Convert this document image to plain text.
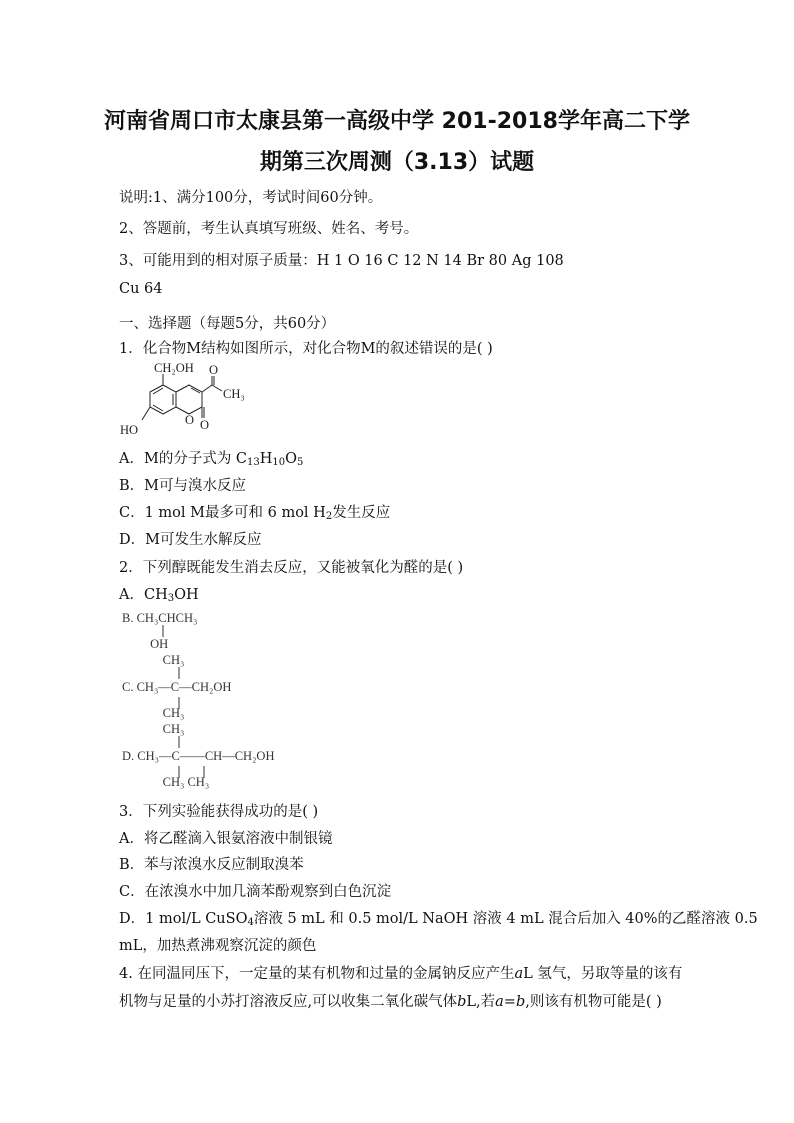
河南省周口市太康县第一高级中学 201-2018学年高二下学
期第三次周测（3.13）试题
说明:1、满分100分，考试时间60分钟。
2、答题前，考生认真填写班级、姓名、考号。
3、可能用到的相对原子质量：H 1 O 16 C 12 N 14 Br 80 Ag 108
Cu 64
一、选择题（每题5分，共60分）
1．化合物M结构如图所示，对化合物M的叙述错误的是( )
CH₂OH O
CH₃
O O
HO
A．M的分子式为 $C_{13}H_{10}O_5$
B．M可与溴水反应
C．1 mol M最多可和 6 mol $H_2$发生反应
D．M可发生水解反应
2．下列醇既能发生消去反应，又能被氧化为醛的是( )
A．$CH_3OH$
B. CH₃CHCH₃
OH
CH₃
C. CH₃—C—CH₂OH
CH₃
CH₃
D. CH₃—C——CH—CH₂OH
CH₃ CH₃
3．下列实验能获得成功的是( )
A．将乙醛滴入银氨溶液中制银镜
B．苯与浓溴水反应制取溴苯
C．在浓溴水中加几滴苯酚观察到白色沉淀
D．1 mol/L CuSO$_4$溶液 5 mL 和 0.5 mol/L NaOH 溶液 4 mL 混合后加入 40%的乙醛溶液 0.5
mL，加热煮沸观察沉淀的颜色
4. 在同温同压下，一定量的某有机物和过量的金属钠反应产生aL 氢气，另取等量的该有
机物与足量的小苏打溶液反应,可以收集二氧化碳气体bL,若a=b,则该有机物可能是( )
